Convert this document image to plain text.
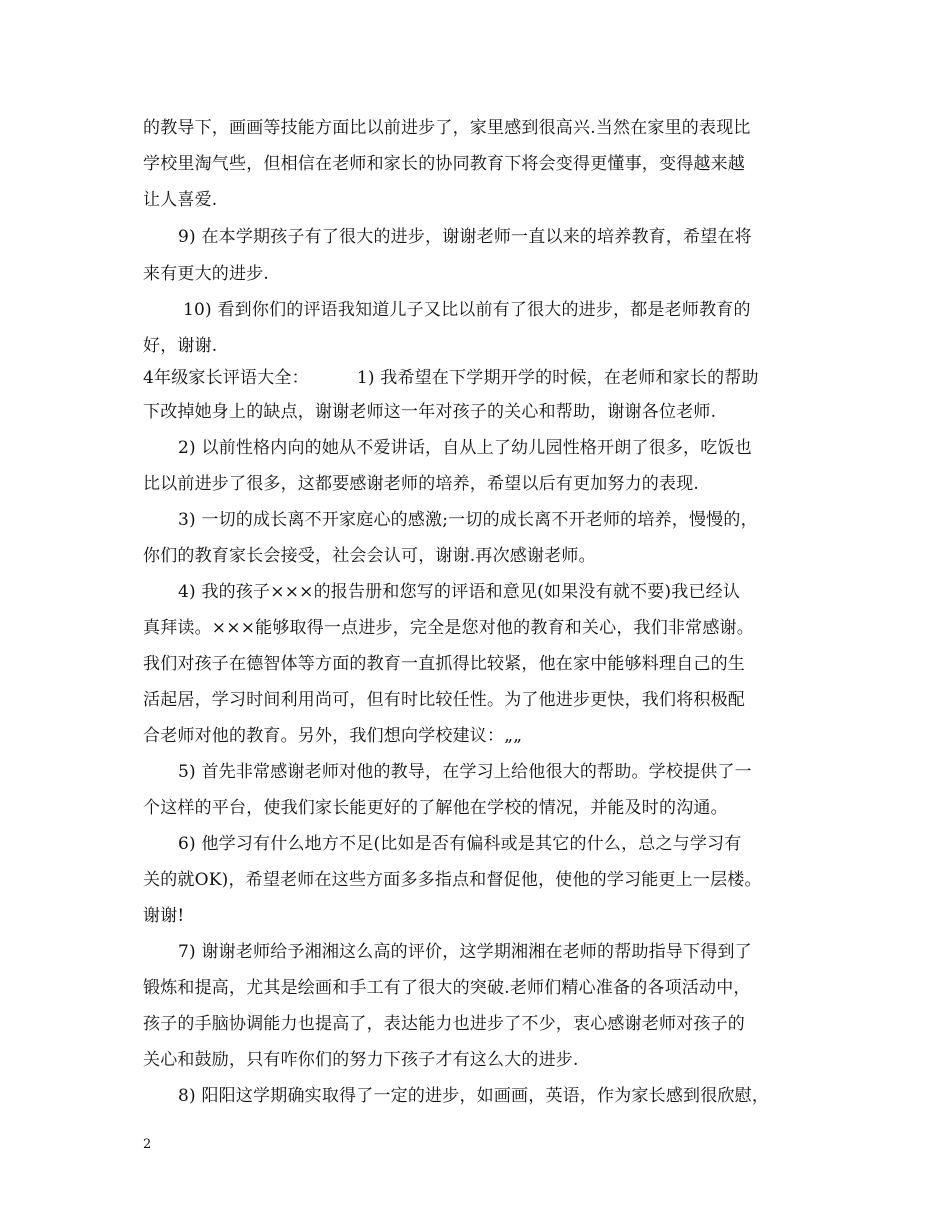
的教导下，画画等技能方面比以前进步了，家里感到很高兴.当然在家里的表现比
学校里淘气些，但相信在老师和家长的协同教育下将会变得更懂事，变得越来越
让人喜爱.
9) 在本学期孩子有了很大的进步，谢谢老师一直以来的培养教育，希望在将
来有更大的进步.
10) 看到你们的评语我知道儿子又比以前有了很大的进步，都是老师教育的
好，谢谢.
4年级家长评语大全：	1) 我希望在下学期开学的时候，在老师和家长的帮助
下改掉她身上的缺点，谢谢老师这一年对孩子的关心和帮助，谢谢各位老师.
2) 以前性格内向的她从不爱讲话，自从上了幼儿园性格开朗了很多，吃饭也
比以前进步了很多，这都要感谢老师的培养，希望以后有更加努力的表现.
3) 一切的成长离不开家庭心的感激;一切的成长离不开老师的培养，慢慢的，
你们的教育家长会接受，社会会认可，谢谢.再次感谢老师。
4) 我的孩子×××的报告册和您写的评语和意见(如果没有就不要)我已经认
真拜读。×××能够取得一点进步，完全是您对他的教育和关心，我们非常感谢。
我们对孩子在德智体等方面的教育一直抓得比较紧，他在家中能够料理自己的生
活起居，学习时间利用尚可，但有时比较任性。为了他进步更快，我们将积极配
合老师对他的教育。另外，我们想向学校建议：„„
5) 首先非常感谢老师对他的教导，在学习上给他很大的帮助。学校提供了一
个这样的平台，使我们家长能更好的了解他在学校的情况，并能及时的沟通。
6) 他学习有什么地方不足(比如是否有偏科或是其它的什么，总之与学习有
关的就OK)，希望老师在这些方面多多指点和督促他，使他的学习能更上一层楼。
谢谢!
7) 谢谢老师给予湘湘这么高的评价，这学期湘湘在老师的帮助指导下得到了
锻炼和提高，尤其是绘画和手工有了很大的突破.老师们精心准备的各项活动中，
孩子的手脑协调能力也提高了，表达能力也进步了不少，衷心感谢老师对孩子的
关心和鼓励，只有咋你们的努力下孩子才有这么大的进步.
8) 阳阳这学期确实取得了一定的进步，如画画，英语，作为家长感到很欣慰，
2
